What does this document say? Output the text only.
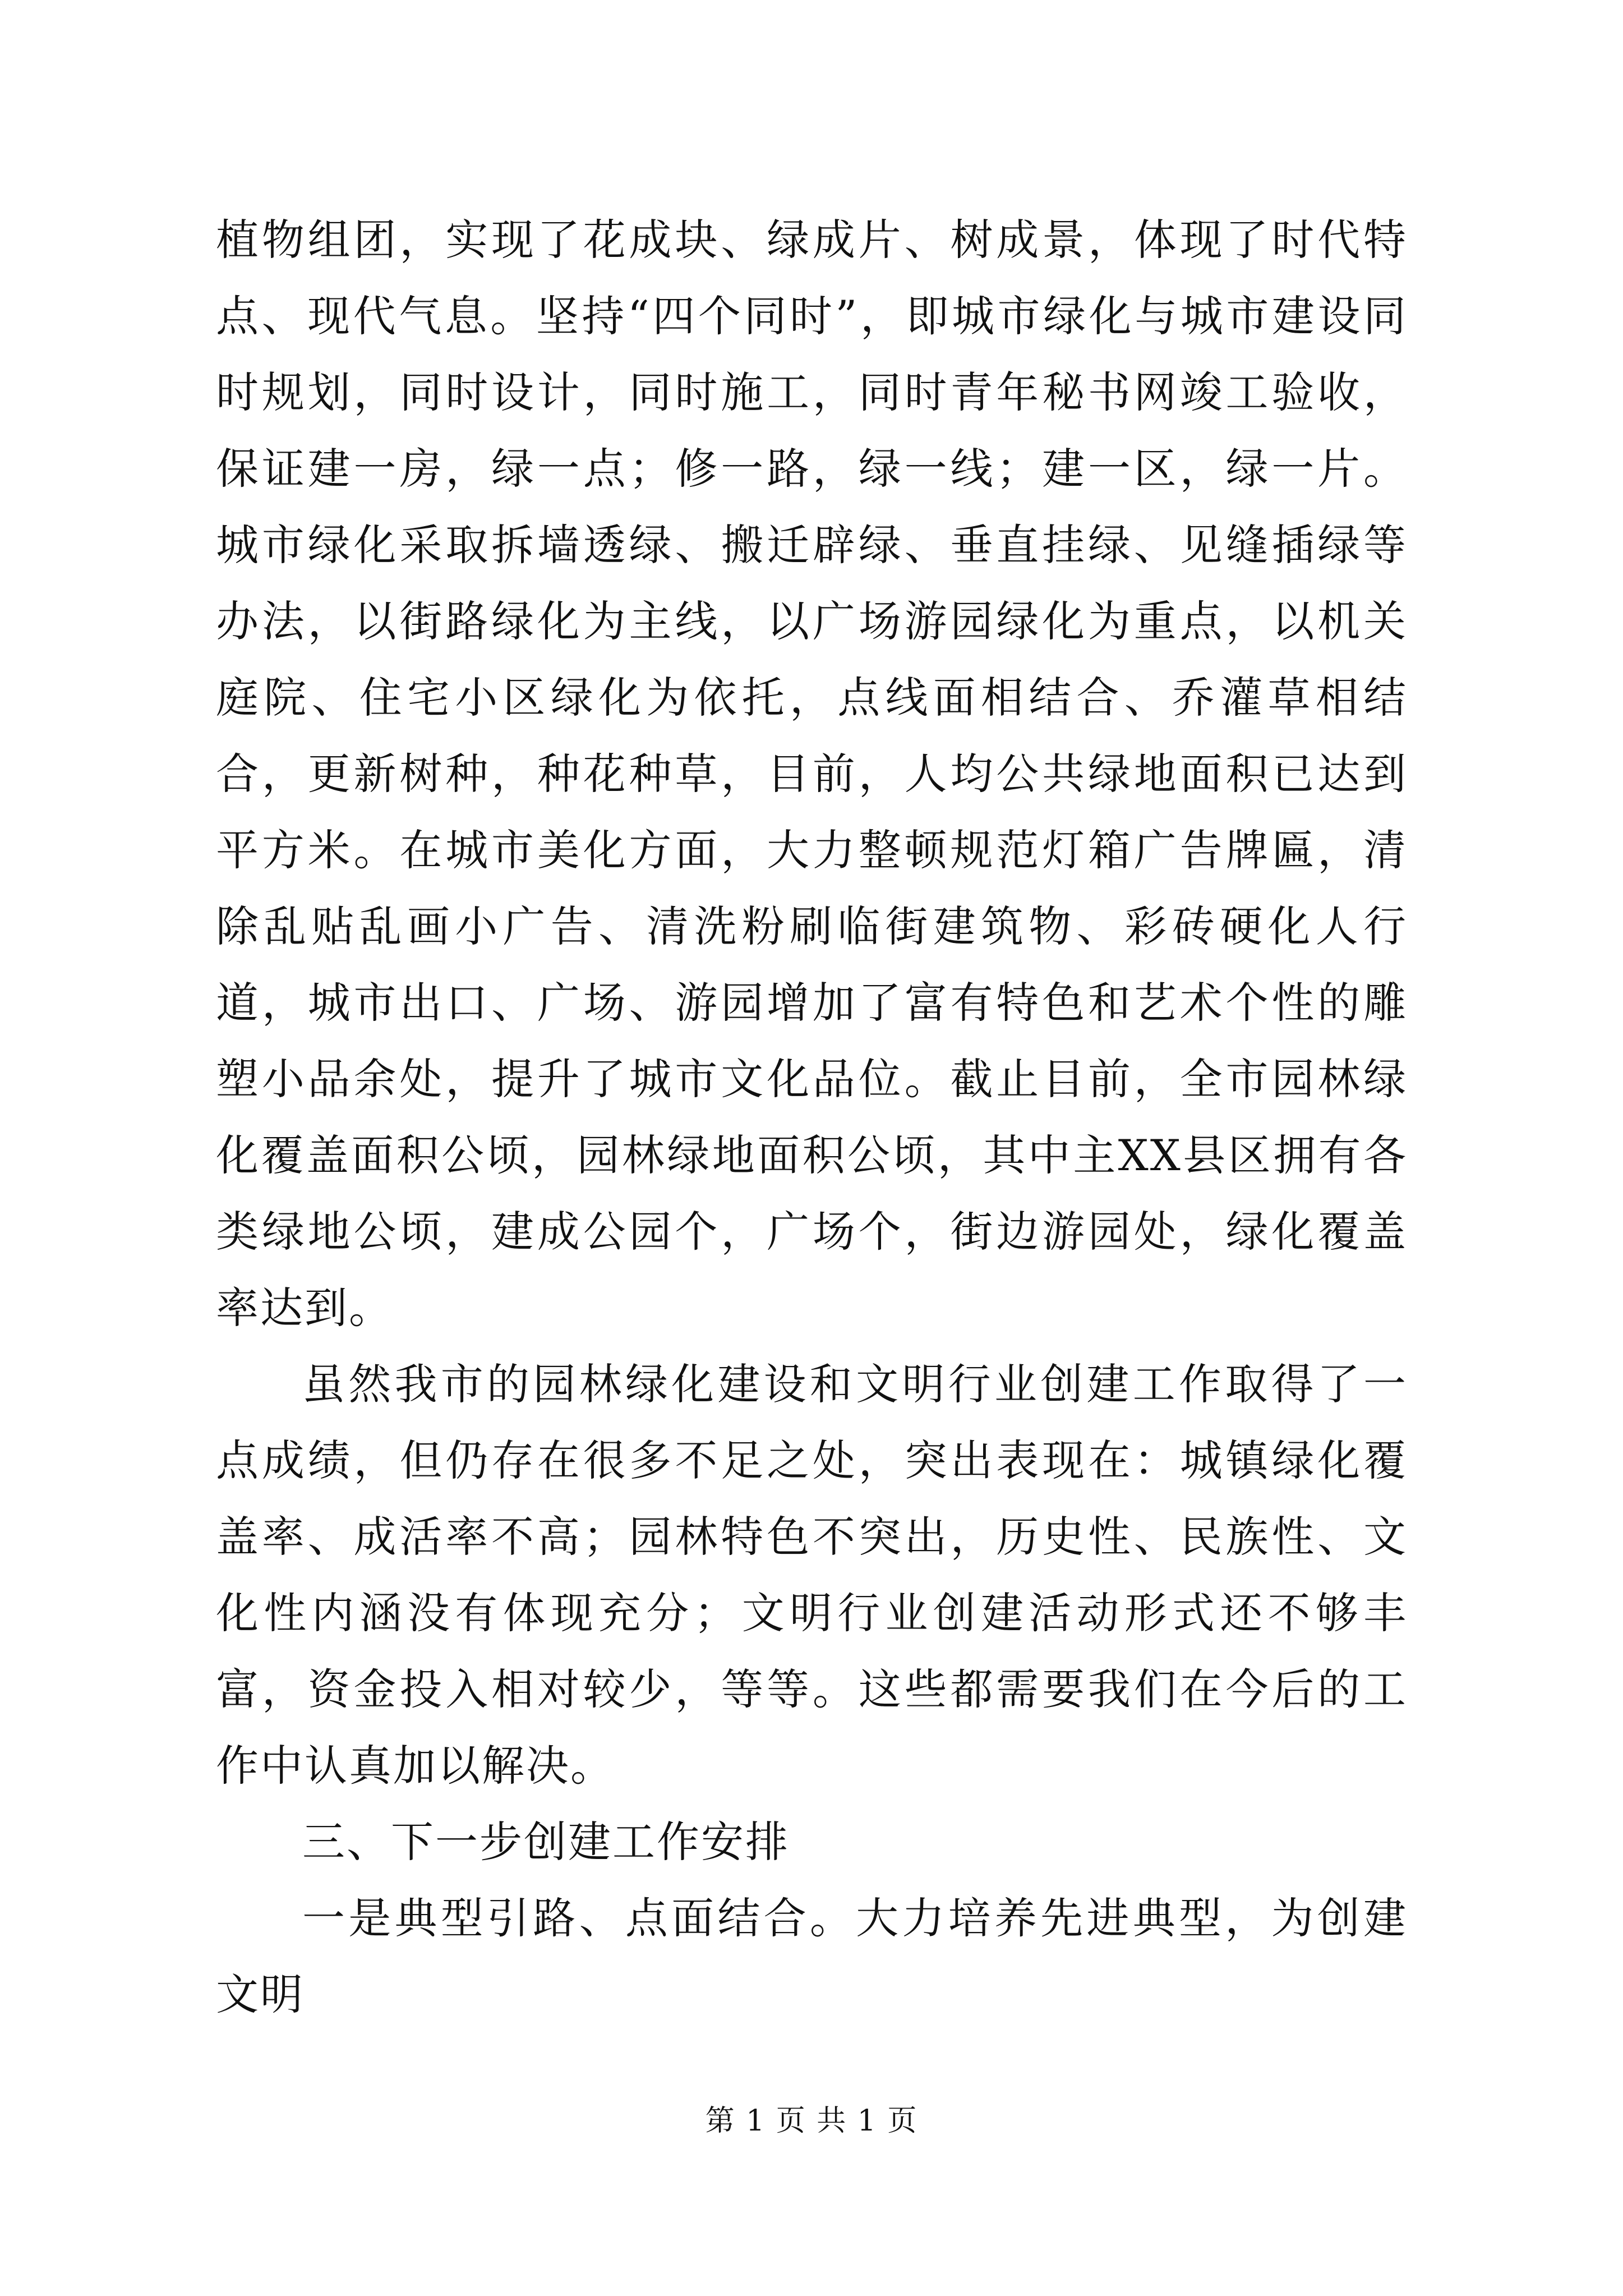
植物组团，实现了花成块、绿成片、树成景，体现了时代特点、现代气息。坚持“四个同时”，即城市绿化与城市建设同时规划，同时设计，同时施工，同时青年秘书网竣工验收，保证建一房，绿一点；修一路，绿一线；建一区，绿一片。城市绿化采取拆墙透绿、搬迁辟绿、垂直挂绿、见缝插绿等办法，以街路绿化为主线，以广场游园绿化为重点，以机关庭院、住宅小区绿化为依托，点线面相结合、乔灌草相结合，更新树种，种花种草，目前，人均公共绿地面积已达到平方米。在城市美化方面，大力整顿规范灯箱广告牌匾，清除乱贴乱画小广告、清洗粉刷临街建筑物、彩砖硬化人行道，城市出口、广场、游园增加了富有特色和艺术个性的雕塑小品余处，提升了城市文化品位。截止目前，全市园林绿化覆盖面积公顷，园林绿地面积公顷，其中主XX县区拥有各类绿地公顷，建成公园个，广场个，街边游园处，绿化覆盖率达到。

虽然我市的园林绿化建设和文明行业创建工作取得了一点成绩，但仍存在很多不足之处，突出表现在：城镇绿化覆盖率、成活率不高；园林特色不突出，历史性、民族性、文化性内涵没有体现充分；文明行业创建活动形式还不够丰富，资金投入相对较少，等等。这些都需要我们在今后的工作中认真加以解决。

三、下一步创建工作安排

一是典型引路、点面结合。大力培养先进典型，为创建文明

第 1 页 共 1 页
